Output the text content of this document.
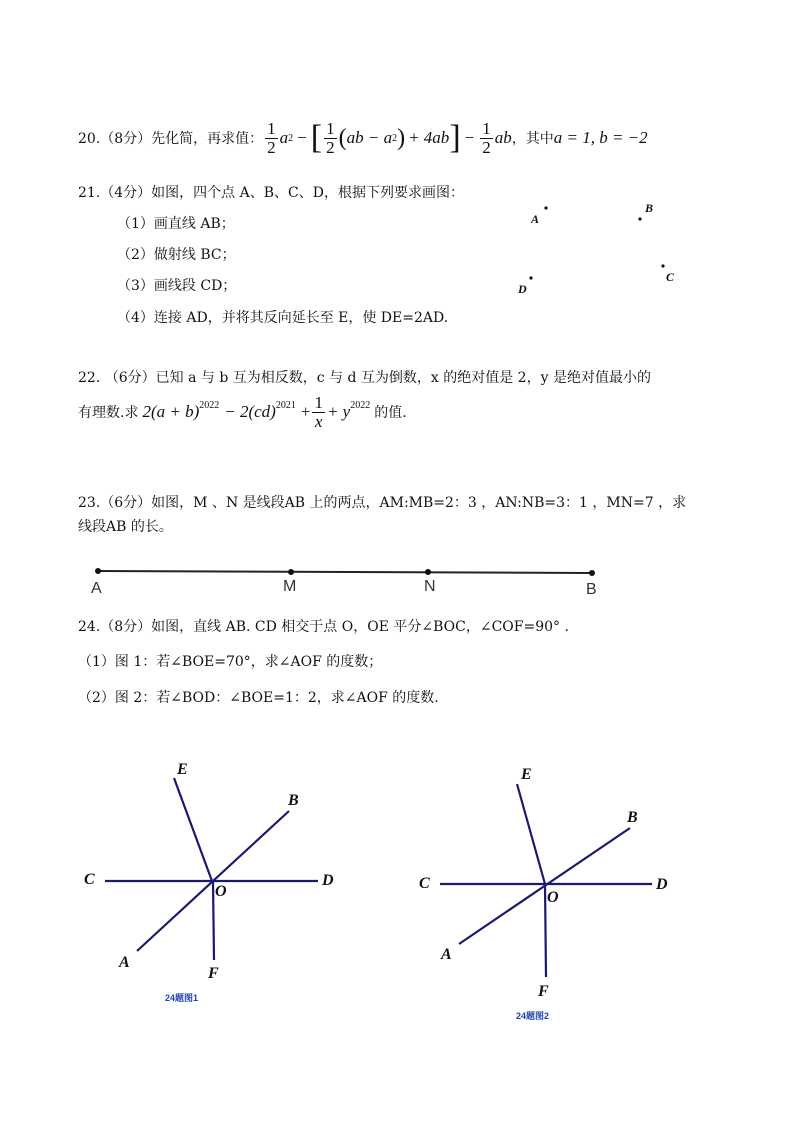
20.（8分）先化简，再求值： $\frac{1}{2}$ a 2 − [ $\frac{1}{2}$ ( ab − a 2 ) + 4ab ] − $\frac{1}{2}$ ab ，其中 a = 1, b = −2
21.（4分）如图，四个点 A、B、C、D，根据下列要求画图：
（1）画直线 AB；
（2）做射线 BC；
（3）画线段 CD；
（4）连接 AD，并将其反向延长至 E，使 DE=2AD.
A
B
C
D
22. （6分）已知 a 与 b 互为相反数，c 与 d 互为倒数，x 的绝对值是 2，y 是绝对值最小的
有理数.求 $2(a + b)^{2022} - 2(cd)^{2021} + \frac{1}{x} + y^{2022}$ 的值.
23.（6分）如图，M 、N 是线段AB 上的两点，AM:MB=2：3 ，AN:NB=3：1 ，MN=7 ，求
线段AB 的长。
A	M	N	B
24.（8分）如图，直线 AB. CD 相交于点 O，OE 平分∠BOC，∠COF=90° .
（1）图 1：若∠BOE=70°，求∠AOF 的度数；
（2）图 2：若∠BOD：∠BOE=1：2，求∠AOF 的度数.
E
B
C
O
D
A
F
24题图1
E
B
C
O
D
A
F
24题图2
